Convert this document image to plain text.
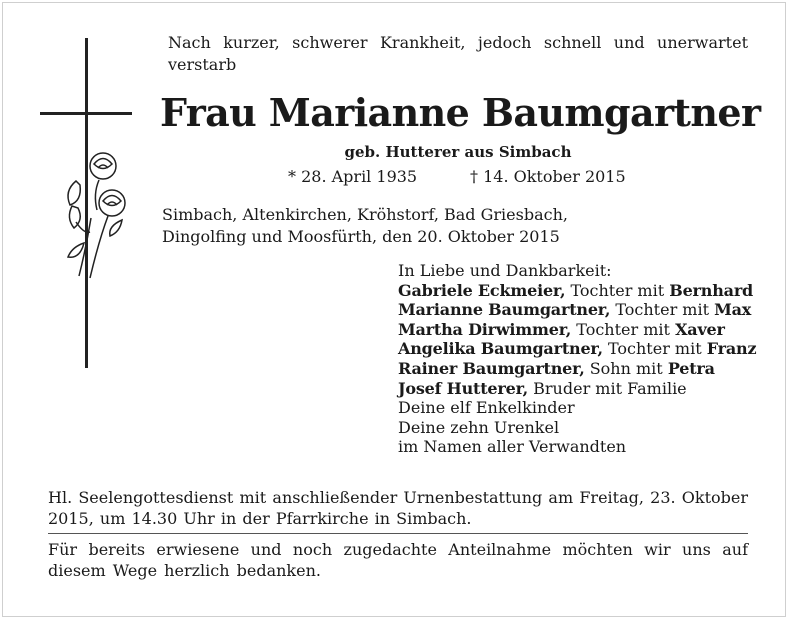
Nach kurzer, schwerer Krankheit, jedoch schnell und unerwartet verstarb
Frau Marianne Baumgartner
geb. Hutterer aus Simbach
* 28. April 1935	† 14. Oktober 2015
Simbach, Altenkirchen, Kröhstorf, Bad Griesbach,
Dingolfing und Moosfürth, den 20. Oktober 2015
In Liebe und Dankbarkeit:
Gabriele Eckmeier, Tochter mit Bernhard
Marianne Baumgartner, Tochter mit Max
Martha Dirwimmer, Tochter mit Xaver
Angelika Baumgartner, Tochter mit Franz
Rainer Baumgartner, Sohn mit Petra
Josef Hutterer, Bruder mit Familie
Deine elf Enkelkinder
Deine zehn Urenkel
im Namen aller Verwandten
Hl. Seelengottesdienst mit anschließender Urnenbestattung am Freitag, 23. Oktober 2015, um 14.30 Uhr in der Pfarrkirche in Simbach.
Für bereits erwiesene und noch zugedachte Anteilnahme möchten wir uns auf diesem Wege herzlich bedanken.
